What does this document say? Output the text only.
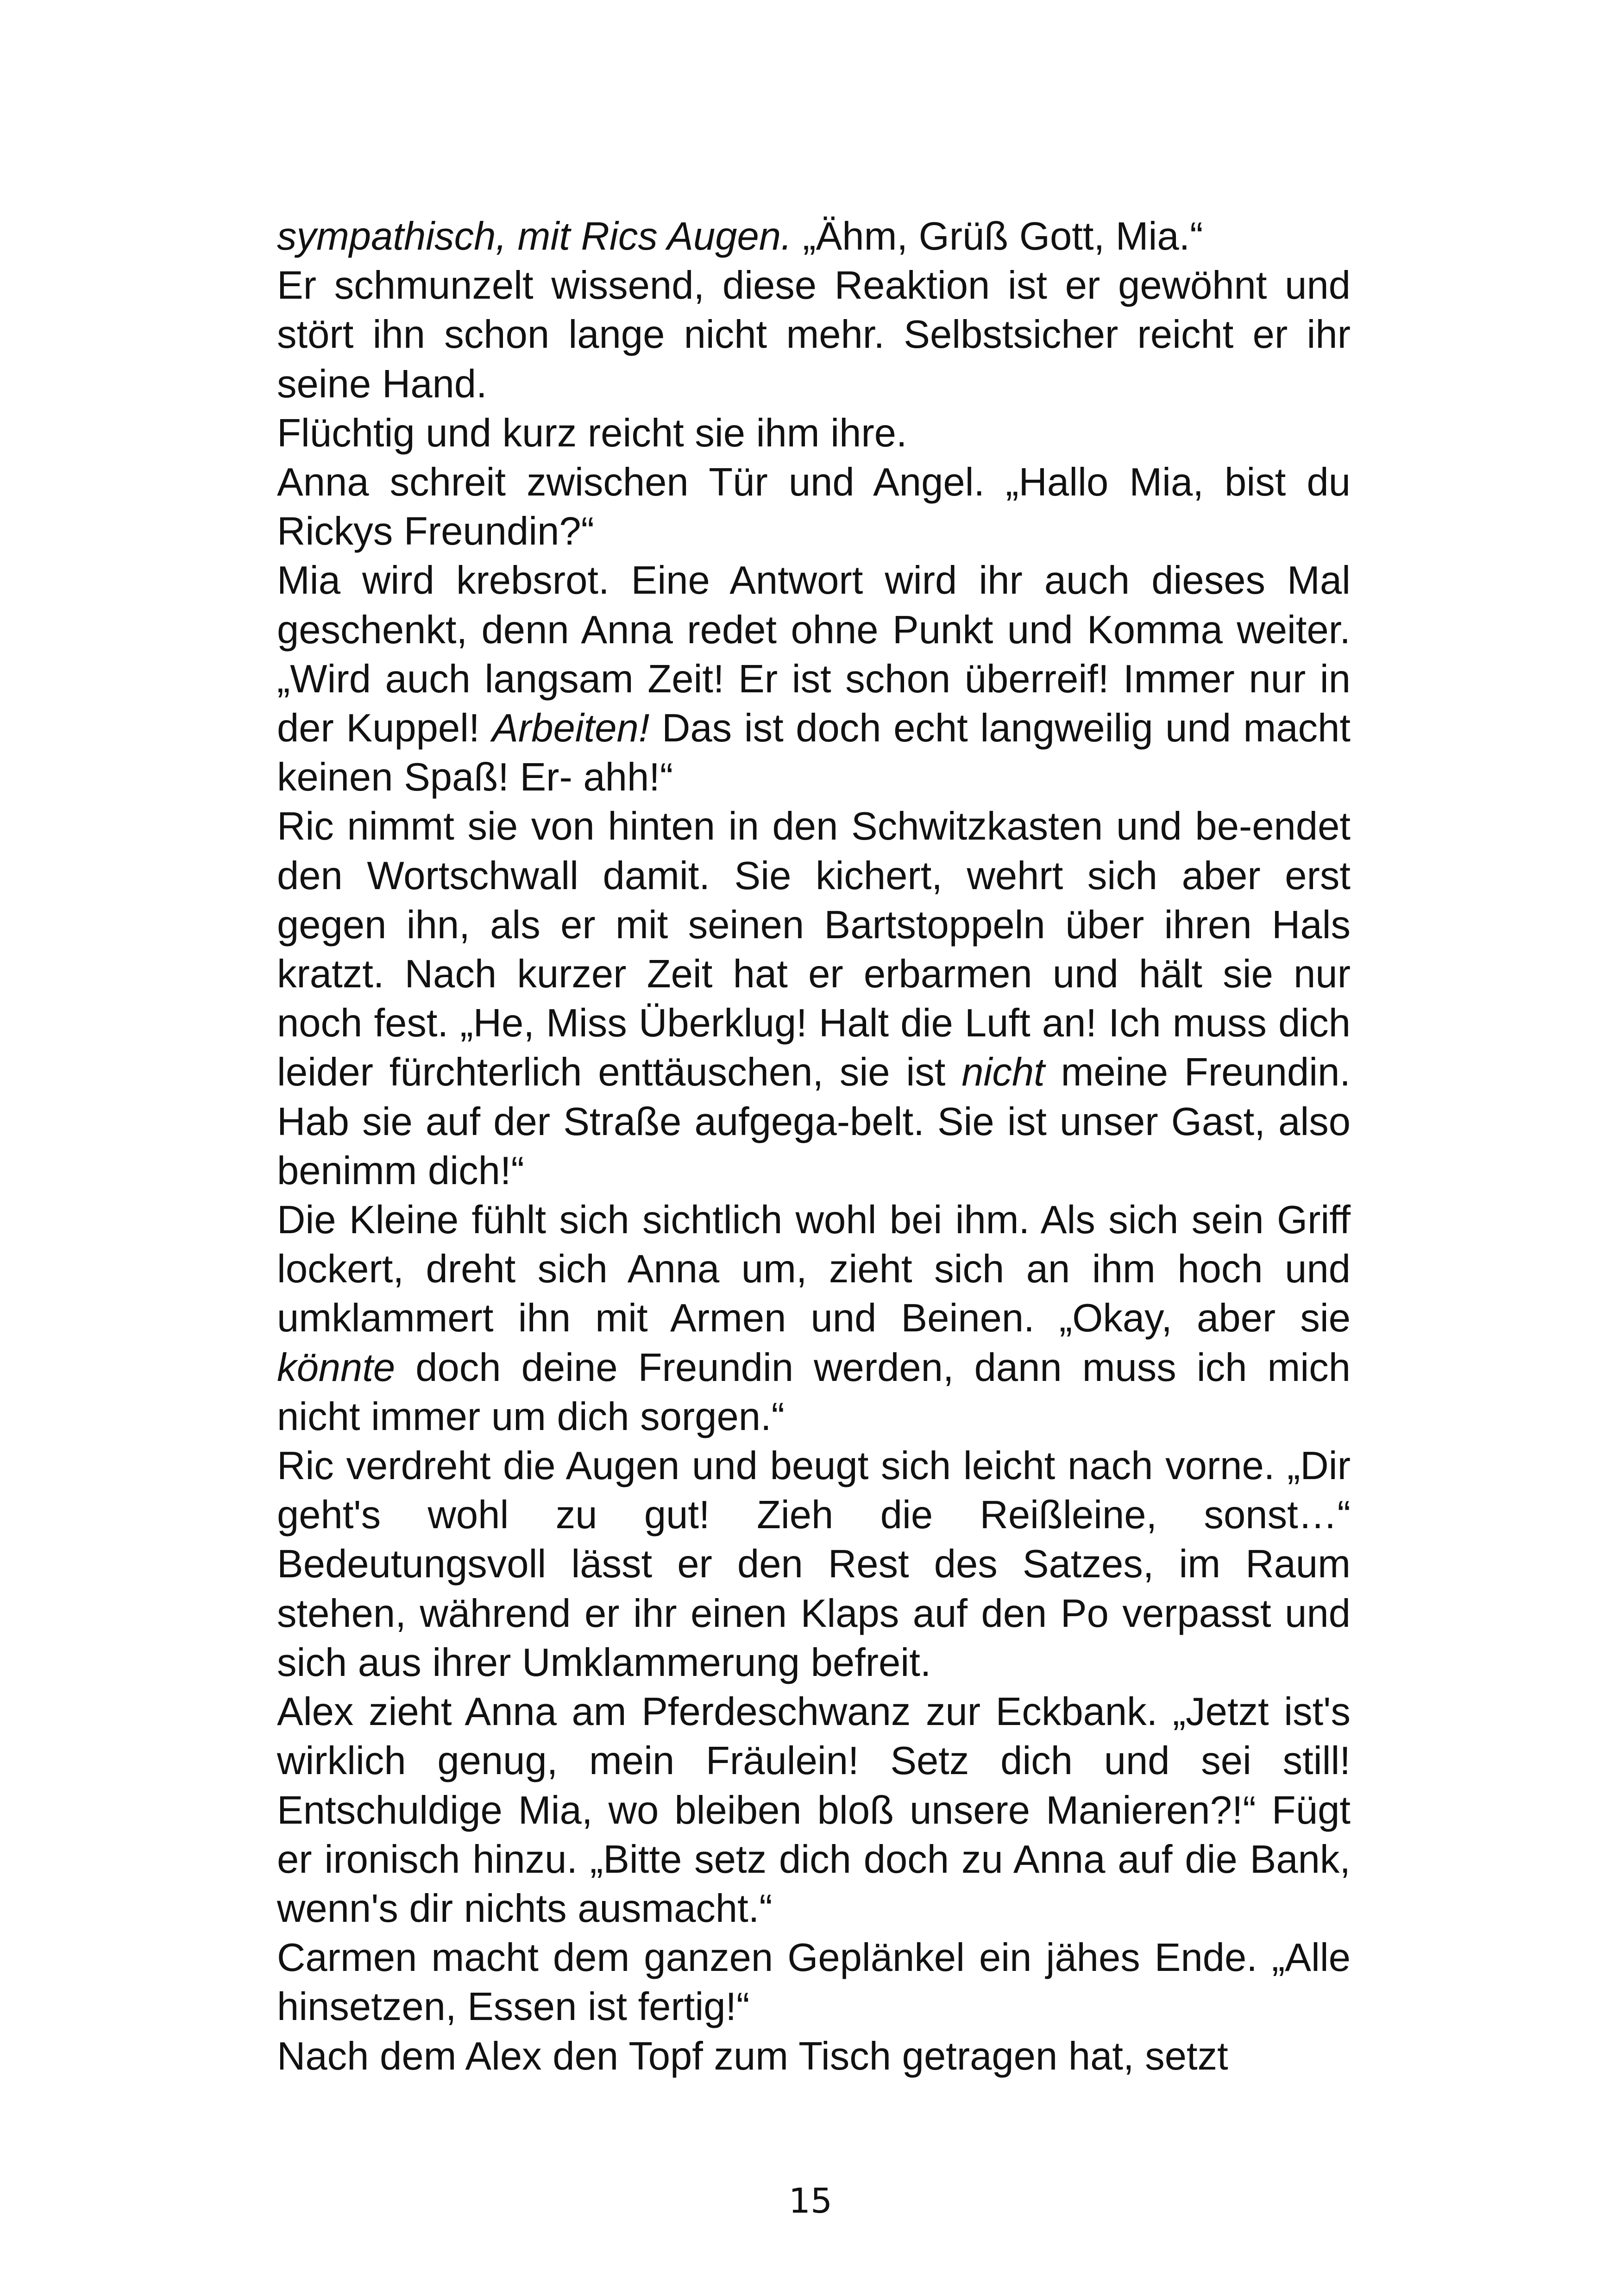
sympathisch, mit Rics Augen. „Ähm, Grüß Gott, Mia.“

Er schmunzelt wissend, diese Reaktion ist er gewöhnt und stört ihn schon lange nicht mehr. Selbstsicher reicht er ihr seine Hand.

Flüchtig und kurz reicht sie ihm ihre.

Anna schreit zwischen Tür und Angel. „Hallo Mia, bist du Rickys Freundin?“

Mia wird krebsrot. Eine Antwort wird ihr auch dieses Mal geschenkt, denn Anna redet ohne Punkt und Komma weiter. „Wird auch langsam Zeit! Er ist schon überreif! Immer nur in der Kuppel! Arbeiten! Das ist doch echt langweilig und macht keinen Spaß! Er- ahh!“

Ric nimmt sie von hinten in den Schwitzkasten und be-endet den Wortschwall damit. Sie kichert, wehrt sich aber erst gegen ihn, als er mit seinen Bartstoppeln über ihren Hals kratzt. Nach kurzer Zeit hat er erbarmen und hält sie nur noch fest. „He, Miss Überklug! Halt die Luft an! Ich muss dich leider fürchterlich enttäuschen, sie ist nicht meine Freundin. Hab sie auf der Straße aufgega-belt. Sie ist unser Gast, also benimm dich!“

Die Kleine fühlt sich sichtlich wohl bei ihm. Als sich sein Griff lockert, dreht sich Anna um, zieht sich an ihm hoch und umklammert ihn mit Armen und Beinen. „Okay, aber sie könnte doch deine Freundin werden, dann muss ich mich nicht immer um dich sorgen.“

Ric verdreht die Augen und beugt sich leicht nach vorne. „Dir geht's wohl zu gut! Zieh die Reißleine, sonst…“ Bedeutungsvoll lässt er den Rest des Satzes, im Raum stehen, während er ihr einen Klaps auf den Po verpasst und sich aus ihrer Umklammerung befreit.

Alex zieht Anna am Pferdeschwanz zur Eckbank. „Jetzt ist's wirklich genug, mein Fräulein! Setz dich und sei still! Entschuldige Mia, wo bleiben bloß unsere Manieren?!“ Fügt er ironisch hinzu. „Bitte setz dich doch zu Anna auf die Bank, wenn's dir nichts ausmacht.“

Carmen macht dem ganzen Geplänkel ein jähes Ende. „Alle hinsetzen, Essen ist fertig!“

Nach dem Alex den Topf zum Tisch getragen hat, setzt

15
